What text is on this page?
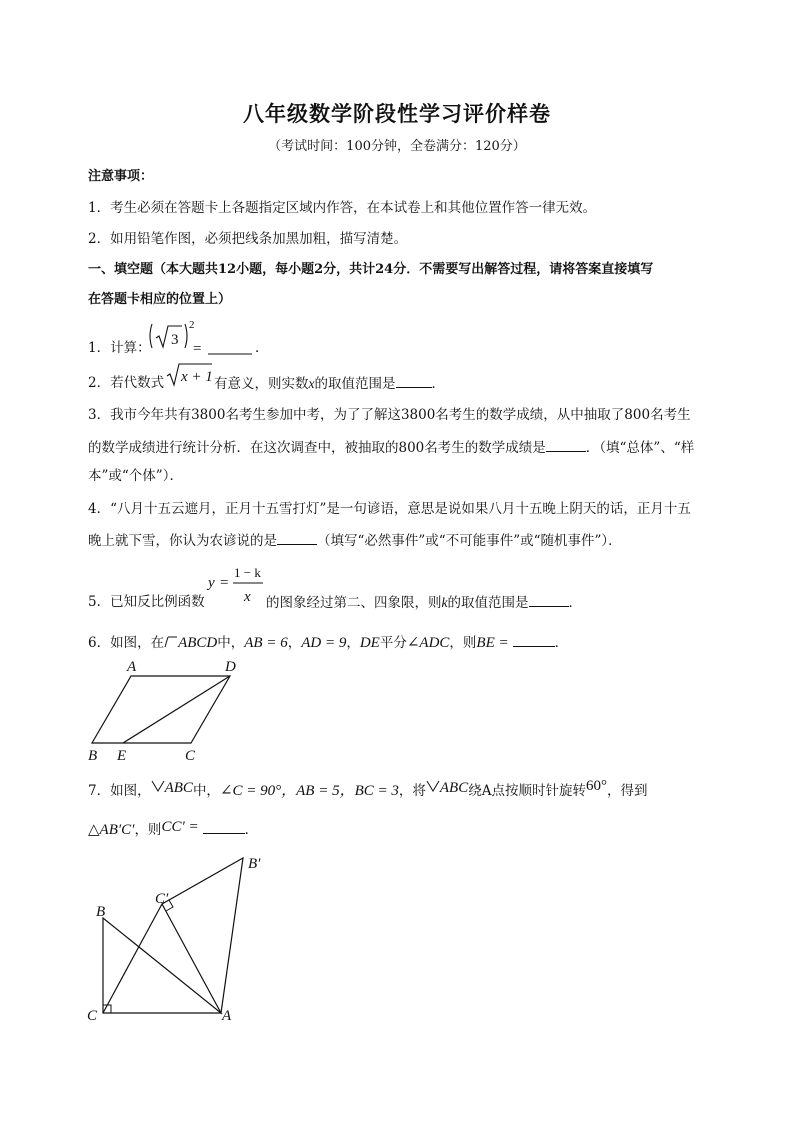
八年级数学阶段性学习评价样卷
（考试时间：100分钟，全卷满分：120分）
注意事项：
1．考生必须在答题卡上各题指定区域内作答，在本试卷上和其他位置作答一律无效。
2．如用铅笔作图，必须把线条加黑加粗，描写清楚。
一、填空题（本大题共12小题，每小题2分，共计24分．不需要写出解答过程，请将答案直接填写
在答题卡相应的位置上）
1．计算： 3
2
=	．
2．若代数式 x + 1 有意义，则实数x的取值范围是	．
3．我市今年共有3800名考生参加中考，为了了解这3800名考生的数学成绩，从中抽取了800名考生
的数学成绩进行统计分析．在这次调查中，被抽取的800名考生的数学成绩是	．（填“总体”、“样
本”或“个体”）．
4．“八月十五云遮月，正月十五雪打灯”是一句谚语，意思是说如果八月十五晚上阴天的话，正月十五
晚上就下雪，你认为农谚说的是	（填写“必然事件”或“不可能事件”或“随机事件”）．
y =
1 − k
x
5．已知反比例函数	的图象经过第二、四象限，则k的取值范围是	．
6．如图，在 ABCD中，AB = 6，AD = 9，DE平分∠ADC，则BE =	．
A	D
B E	C
7．如图， ABC中，∠C = 90°，AB = 5，BC = 3，将 ABC绕A点按顺时针旋转60°，得到
△AB′C′，则CC′ =	．
B′
C′
B
C	A
